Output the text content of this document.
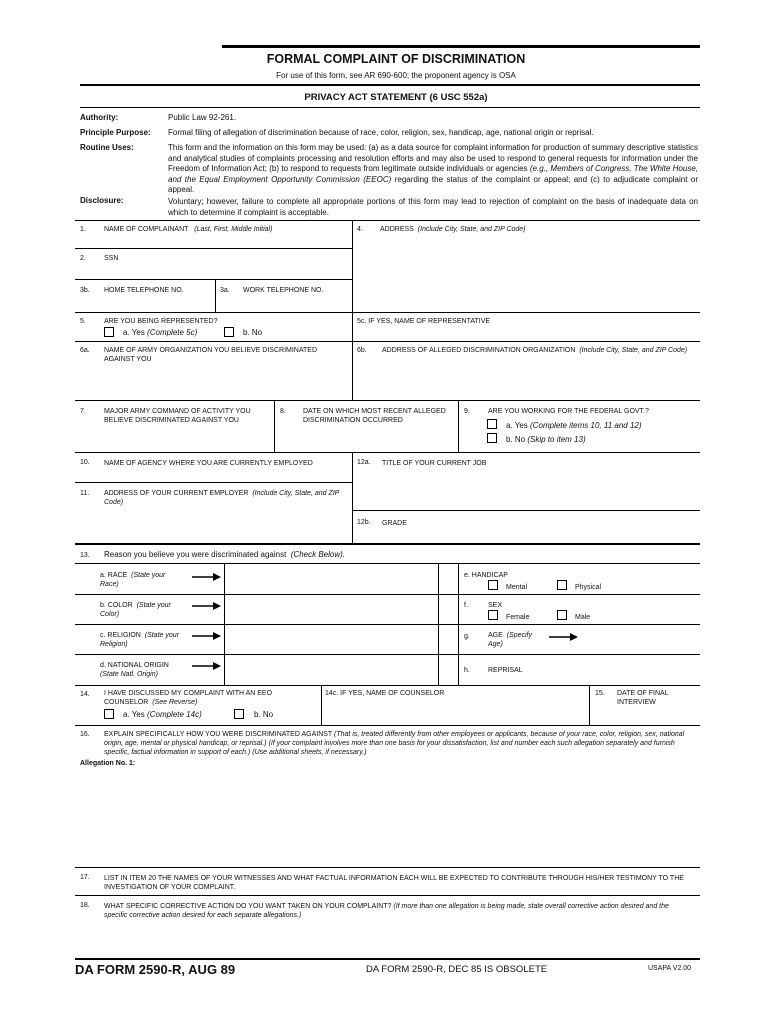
FORMAL COMPLAINT OF DISCRIMINATION
For use of this form, see AR 690-600; the proponent agency is OSA
PRIVACY ACT STATEMENT (6 USC 552a)
Authority:	Public Law 92-261.
Principle Purpose: Formal filing of allegation of discrimination because of race, color, religion, sex, handicap, age, national origin or reprisal.
Routine Uses:	This form and the information on this form may be used: (a) as a data source for complaint information for production of summary descriptive statistics and analytical studies of complaints processing and resolution efforts and may also be used to respond to general requests for information under the Freedom of Information Act; (b) to respond to requests from legitimate outside individuals or agencies (e.g., Members of Congress, The White House, and the Equal Employment Opportunity Commission (EEOC) regarding the status of the complaint or appeal; and (c) to adjudicate complaint or appeal.
Disclosure:	Voluntary; however, failure to complete all appropriate portions of this form may lead to rejection of complaint on the basis of inadequate data on which to determine if complaint is acceptable.
1.	NAME OF COMPLAINANT (Last, First, Middle Initial)	4. ADDRESS (Include City, State, and ZIP Code)
2.	SSN
3b. HOME TELEPHONE NO.	3a. WORK TELEPHONE NO.
5.	ARE YOU BEING REPRESENTED?
a. Yes (Complete 5c)	b. No
5c. IF YES, NAME OF REPRESENTATIVE
6a. NAME OF ARMY ORGANIZATION YOU BELIEVE DISCRIMINATED AGAINST YOU
6b. ADDRESS OF ALLEGED DISCRIMINATION ORGANIZATION (Include City, State, and ZIP Code)
7.	MAJOR ARMY COMMAND OF ACTIVITY YOU BELIEVE DISCRIMINATED AGAINST YOU
8. DATE ON WHICH MOST RECENT ALLEGED DISCRIMINATION OCCURRED
9.	ARE YOU WORKING FOR THE FEDERAL GOVT.?
a. Yes (Complete items 10, 11 and 12)
b. No (Skip to item 13)
10. NAME OF AGENCY WHERE YOU ARE CURRENTLY EMPLOYED	12a. TITLE OF YOUR CURRENT JOB
11. ADDRESS OF YOUR CURRENT EMPLOYER (Include City, State, and ZIP Code)
12b. GRADE
13. Reason you believe you were discriminated against (Check Below).
a. RACE (State your Race)
b. COLOR (State your Color)
c. RELIGION (State your Religion)
d. NATIONAL ORIGIN
(State Natl. Origin)
e. HANDICAP
Mental	Physical
f.	SEX
Female	Male
g.	AGE (Specify Age)
h.	REPRISAL
14. I HAVE DISCUSSED MY COMPLAINT WITH AN EEO COUNSELOR (See Reverse)
a. Yes (Complete 14c)	b. No
14c. IF YES, NAME OF COUNSELOR	15. DATE OF FINAL INTERVIEW
16. EXPLAIN SPECIFICALLY HOW YOU WERE DISCRIMINATED AGAINST (That is, treated differently from other employees or applicants, because of your race, color, religion, sex, national origin, age, mental or physical handicap, or reprisal.) (If your complaint involves more than one basis for your dissatisfaction, list and number each such allegation separately and furnish specific, factual information in support of each.) (Use additional sheets, if necessary.)
Allegation No. 1:
17. LIST IN ITEM 20 THE NAMES OF YOUR WITNESSES AND WHAT FACTUAL INFORMATION EACH WILL BE EXPECTED TO CONTRIBUTE THROUGH HIS/HER TESTIMONY TO THE INVESTIGATION OF YOUR COMPLAINT.
18. WHAT SPECIFIC CORRECTIVE ACTION DO YOU WANT TAKEN ON YOUR COMPLAINT? (If more than one allegation is being made, state overall corrective action desired and the specific corrective action desired for each separate allegations.)
DA FORM 2590-R, AUG 89	DA FORM 2590-R, DEC 85 IS OBSOLETE	USAPA V2.00
